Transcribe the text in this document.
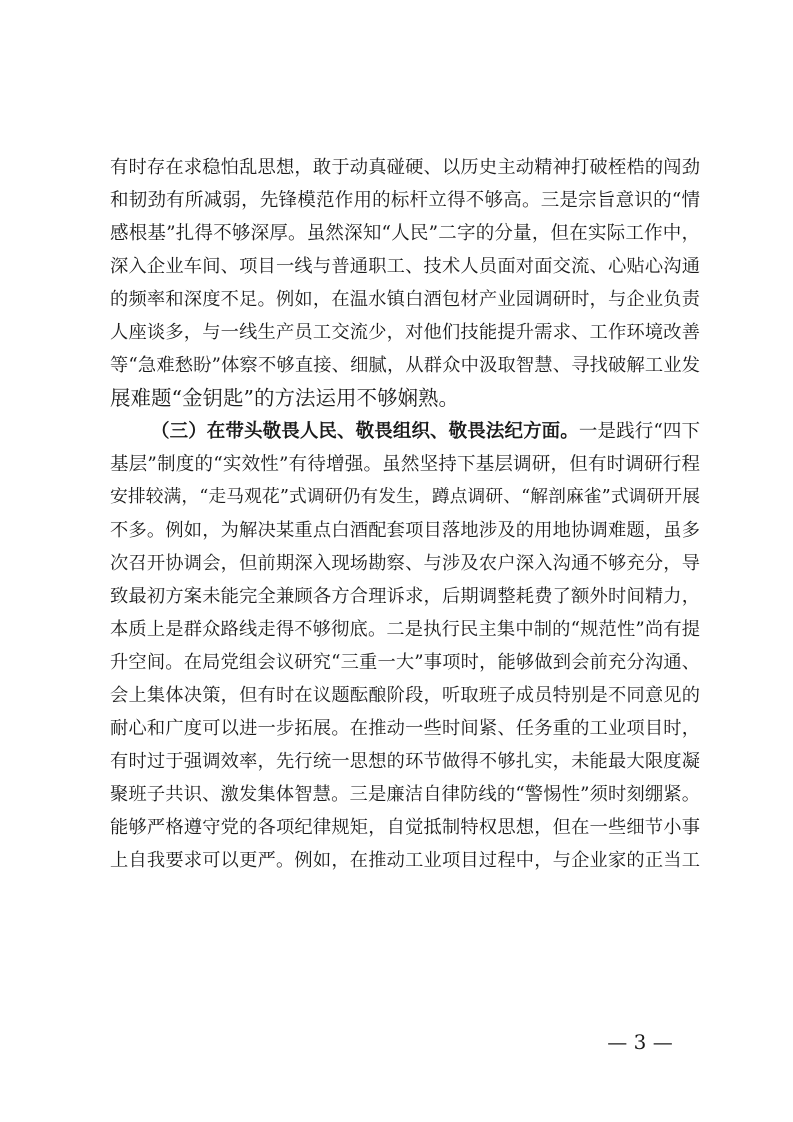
有时存在求稳怕乱思想，敢于动真碰硬、以历史主动精神打破桎梏的闯劲
和韧劲有所减弱，先锋模范作用的标杆立得不够高。三是宗旨意识的“情
感根基”扎得不够深厚。虽然深知“人民”二字的分量，但在实际工作中，
深入企业车间、项目一线与普通职工、技术人员面对面交流、心贴心沟通
的频率和深度不足。例如，在温水镇白酒包材产业园调研时，与企业负责
人座谈多，与一线生产员工交流少，对他们技能提升需求、工作环境改善
等“急难愁盼”体察不够直接、细腻，从群众中汲取智慧、寻找破解工业发
展难题“金钥匙”的方法运用不够娴熟。
（三）在带头敬畏人民、敬畏组织、敬畏法纪方面。一是践行“四下
基层”制度的“实效性”有待增强。虽然坚持下基层调研，但有时调研行程
安排较满，“走马观花”式调研仍有发生，蹲点调研、“解剖麻雀”式调研开展
不多。例如，为解决某重点白酒配套项目落地涉及的用地协调难题，虽多
次召开协调会，但前期深入现场勘察、与涉及农户深入沟通不够充分，导
致最初方案未能完全兼顾各方合理诉求，后期调整耗费了额外时间精力，
本质上是群众路线走得不够彻底。二是执行民主集中制的“规范性”尚有提
升空间。在局党组会议研究“三重一大”事项时，能够做到会前充分沟通、
会上集体决策，但有时在议题酝酿阶段，听取班子成员特别是不同意见的
耐心和广度可以进一步拓展。在推动一些时间紧、任务重的工业项目时，
有时过于强调效率，先行统一思想的环节做得不够扎实，未能最大限度凝
聚班子共识、激发集体智慧。三是廉洁自律防线的“警惕性”须时刻绷紧。
能够严格遵守党的各项纪律规矩，自觉抵制特权思想，但在一些细节小事
上自我要求可以更严。例如，在推动工业项目过程中，与企业家的正当工
— 3 —
